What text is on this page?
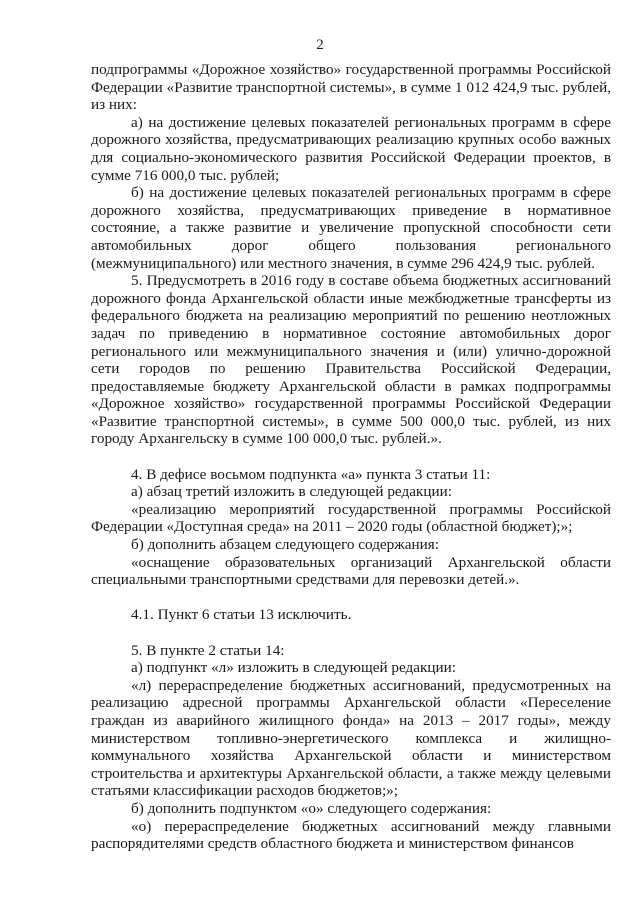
2

подпрограммы «Дорожное хозяйство» государственной программы Российской Федерации «Развитие транспортной системы», в сумме 1 012 424,9 тыс. рублей, из них:

а) на достижение целевых показателей региональных программ в сфере дорожного хозяйства, предусматривающих реализацию крупных особо важных для социально-экономического развития Российской Федерации проектов, в сумме 716 000,0 тыс. рублей;

б) на достижение целевых показателей региональных программ в сфере дорожного хозяйства, предусматривающих приведение в нормативное состояние, а также развитие и увеличение пропускной способности сети автомобильных дорог общего пользования регионального (межмуниципального) или местного значения, в сумме 296 424,9 тыс. рублей.

5. Предусмотреть в 2016 году в составе объема бюджетных ассигнований дорожного фонда Архангельской области иные межбюджетные трансферты из федерального бюджета на реализацию мероприятий по решению неотложных задач по приведению в нормативное состояние автомобильных дорог регионального или межмуниципального значения и (или) улично-дорожной сети городов по решению Правительства Российской Федерации, предоставляемые бюджету Архангельской области в рамках подпрограммы «Дорожное хозяйство» государственной программы Российской Федерации «Развитие транспортной системы», в сумме 500 000,0 тыс. рублей, из них городу Архангельску в сумме 100 000,0 тыс. рублей.».

4. В дефисе восьмом подпункта «а» пункта 3 статьи 11:

а) абзац третий изложить в следующей редакции:

«реализацию мероприятий государственной программы Российской Федерации «Доступная среда» на 2011 – 2020 годы (областной бюджет);»;

б) дополнить абзацем следующего содержания:

«оснащение образовательных организаций Архангельской области специальными транспортными средствами для перевозки детей.».

4.1. Пункт 6 статьи 13 исключить.

5. В пункте 2 статьи 14:

а) подпункт «л» изложить в следующей редакции:

«л) перераспределение бюджетных ассигнований, предусмотренных на реализацию адресной программы Архангельской области «Переселение граждан из аварийного жилищного фонда» на 2013 – 2017 годы», между министерством топливно-энергетического комплекса и жилищно-коммунального хозяйства Архангельской области и министерством строительства и архитектуры Архангельской области, а также между целевыми статьями классификации расходов бюджетов;»;

б) дополнить подпунктом «о» следующего содержания:

«о) перераспределение бюджетных ассигнований между главными распорядителями средств областного бюджета и министерством финансов
